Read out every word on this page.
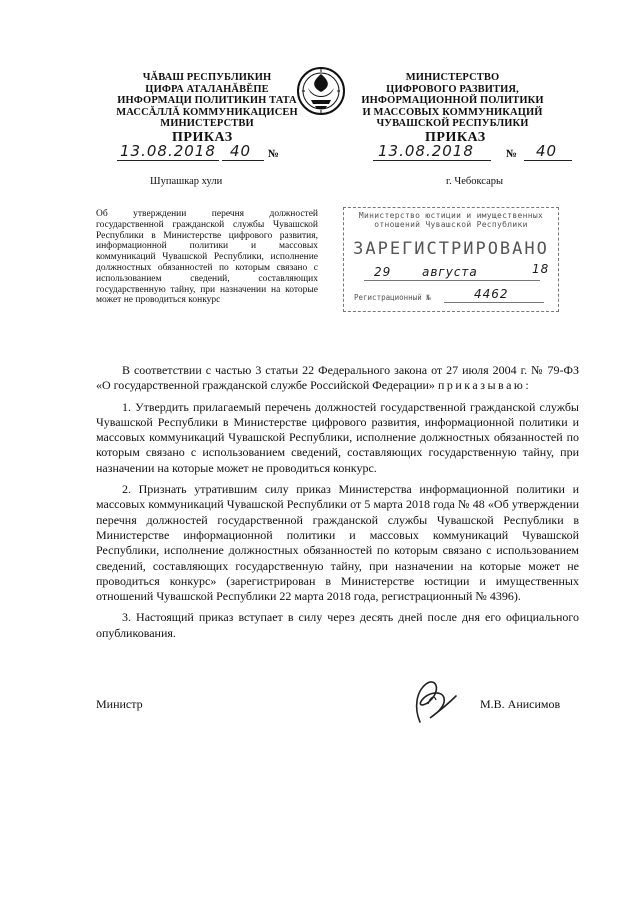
ЧĂВАШ РЕСПУБЛИКИН
ЦИФРА АТАЛАНĂВĔПЕ
ИНФОРМАЦИ ПОЛИТИКИН ТАТА
МАССĂЛЛĂ КОММУНИКАЦИСЕН
МИНИСТЕРСТВИ
МИНИСТЕРСТВО
ЦИФРОВОГО РАЗВИТИЯ,
ИНФОРМАЦИОННОЙ ПОЛИТИКИ
И МАССОВЫХ КОММУНИКАЦИЙ
ЧУВАШСКОЙ РЕСПУБЛИКИ
ПРИКАЗ	ПРИКАЗ
13.08.2018 40 №	13.08.2018	№ 40
Шупашкар хули	г. Чебоксары
Об утверждении перечня должностей государственной гражданской службы Чувашской Республики в Министерстве цифрового развития, информационной политики и массовых коммуникаций Чувашской Республики, исполнение должностных обязанностей по которым связано с использованием сведений, составляющих государственную тайну, при назначении на которые может не проводиться конкурс
Министерство юстиции и имущественных
отношений Чувашской Республики
ЗАРЕГИСТРИРОВАНО
29	августа	18
Регистрационный №	4462

В соответствии с частью 3 статьи 22 Федерального закона от 27 июля 2004 г. № 79-ФЗ «О государственной гражданской службе Российской Федерации» приказываю:

1. Утвердить прилагаемый перечень должностей государственной гражданской службы Чувашской Республики в Министерстве цифрового развития, информационной политики и массовых коммуникаций Чувашской Республики, исполнение должностных обязанностей по которым связано с использованием сведений, составляющих государственную тайну, при назначении на которые может не проводиться конкурс.

2. Признать утратившим силу приказ Министерства информационной политики и массовых коммуникаций Чувашской Республики от 5 марта 2018 года № 48 «Об утверждении перечня должностей государственной гражданской службы Чувашской Республики в Министерстве информационной политики и массовых коммуникаций Чувашской Республики, исполнение должностных обязанностей по которым связано с использованием сведений, составляющих государственную тайну, при назначении на которые может не проводиться конкурс» (зарегистрирован в Министерстве юстиции и имущественных отношений Чувашской Республики 22 марта 2018 года, регистрационный № 4396).

3. Настоящий приказ вступает в силу через десять дней после дня его официального опубликования.

Министр	М.В. Анисимов
